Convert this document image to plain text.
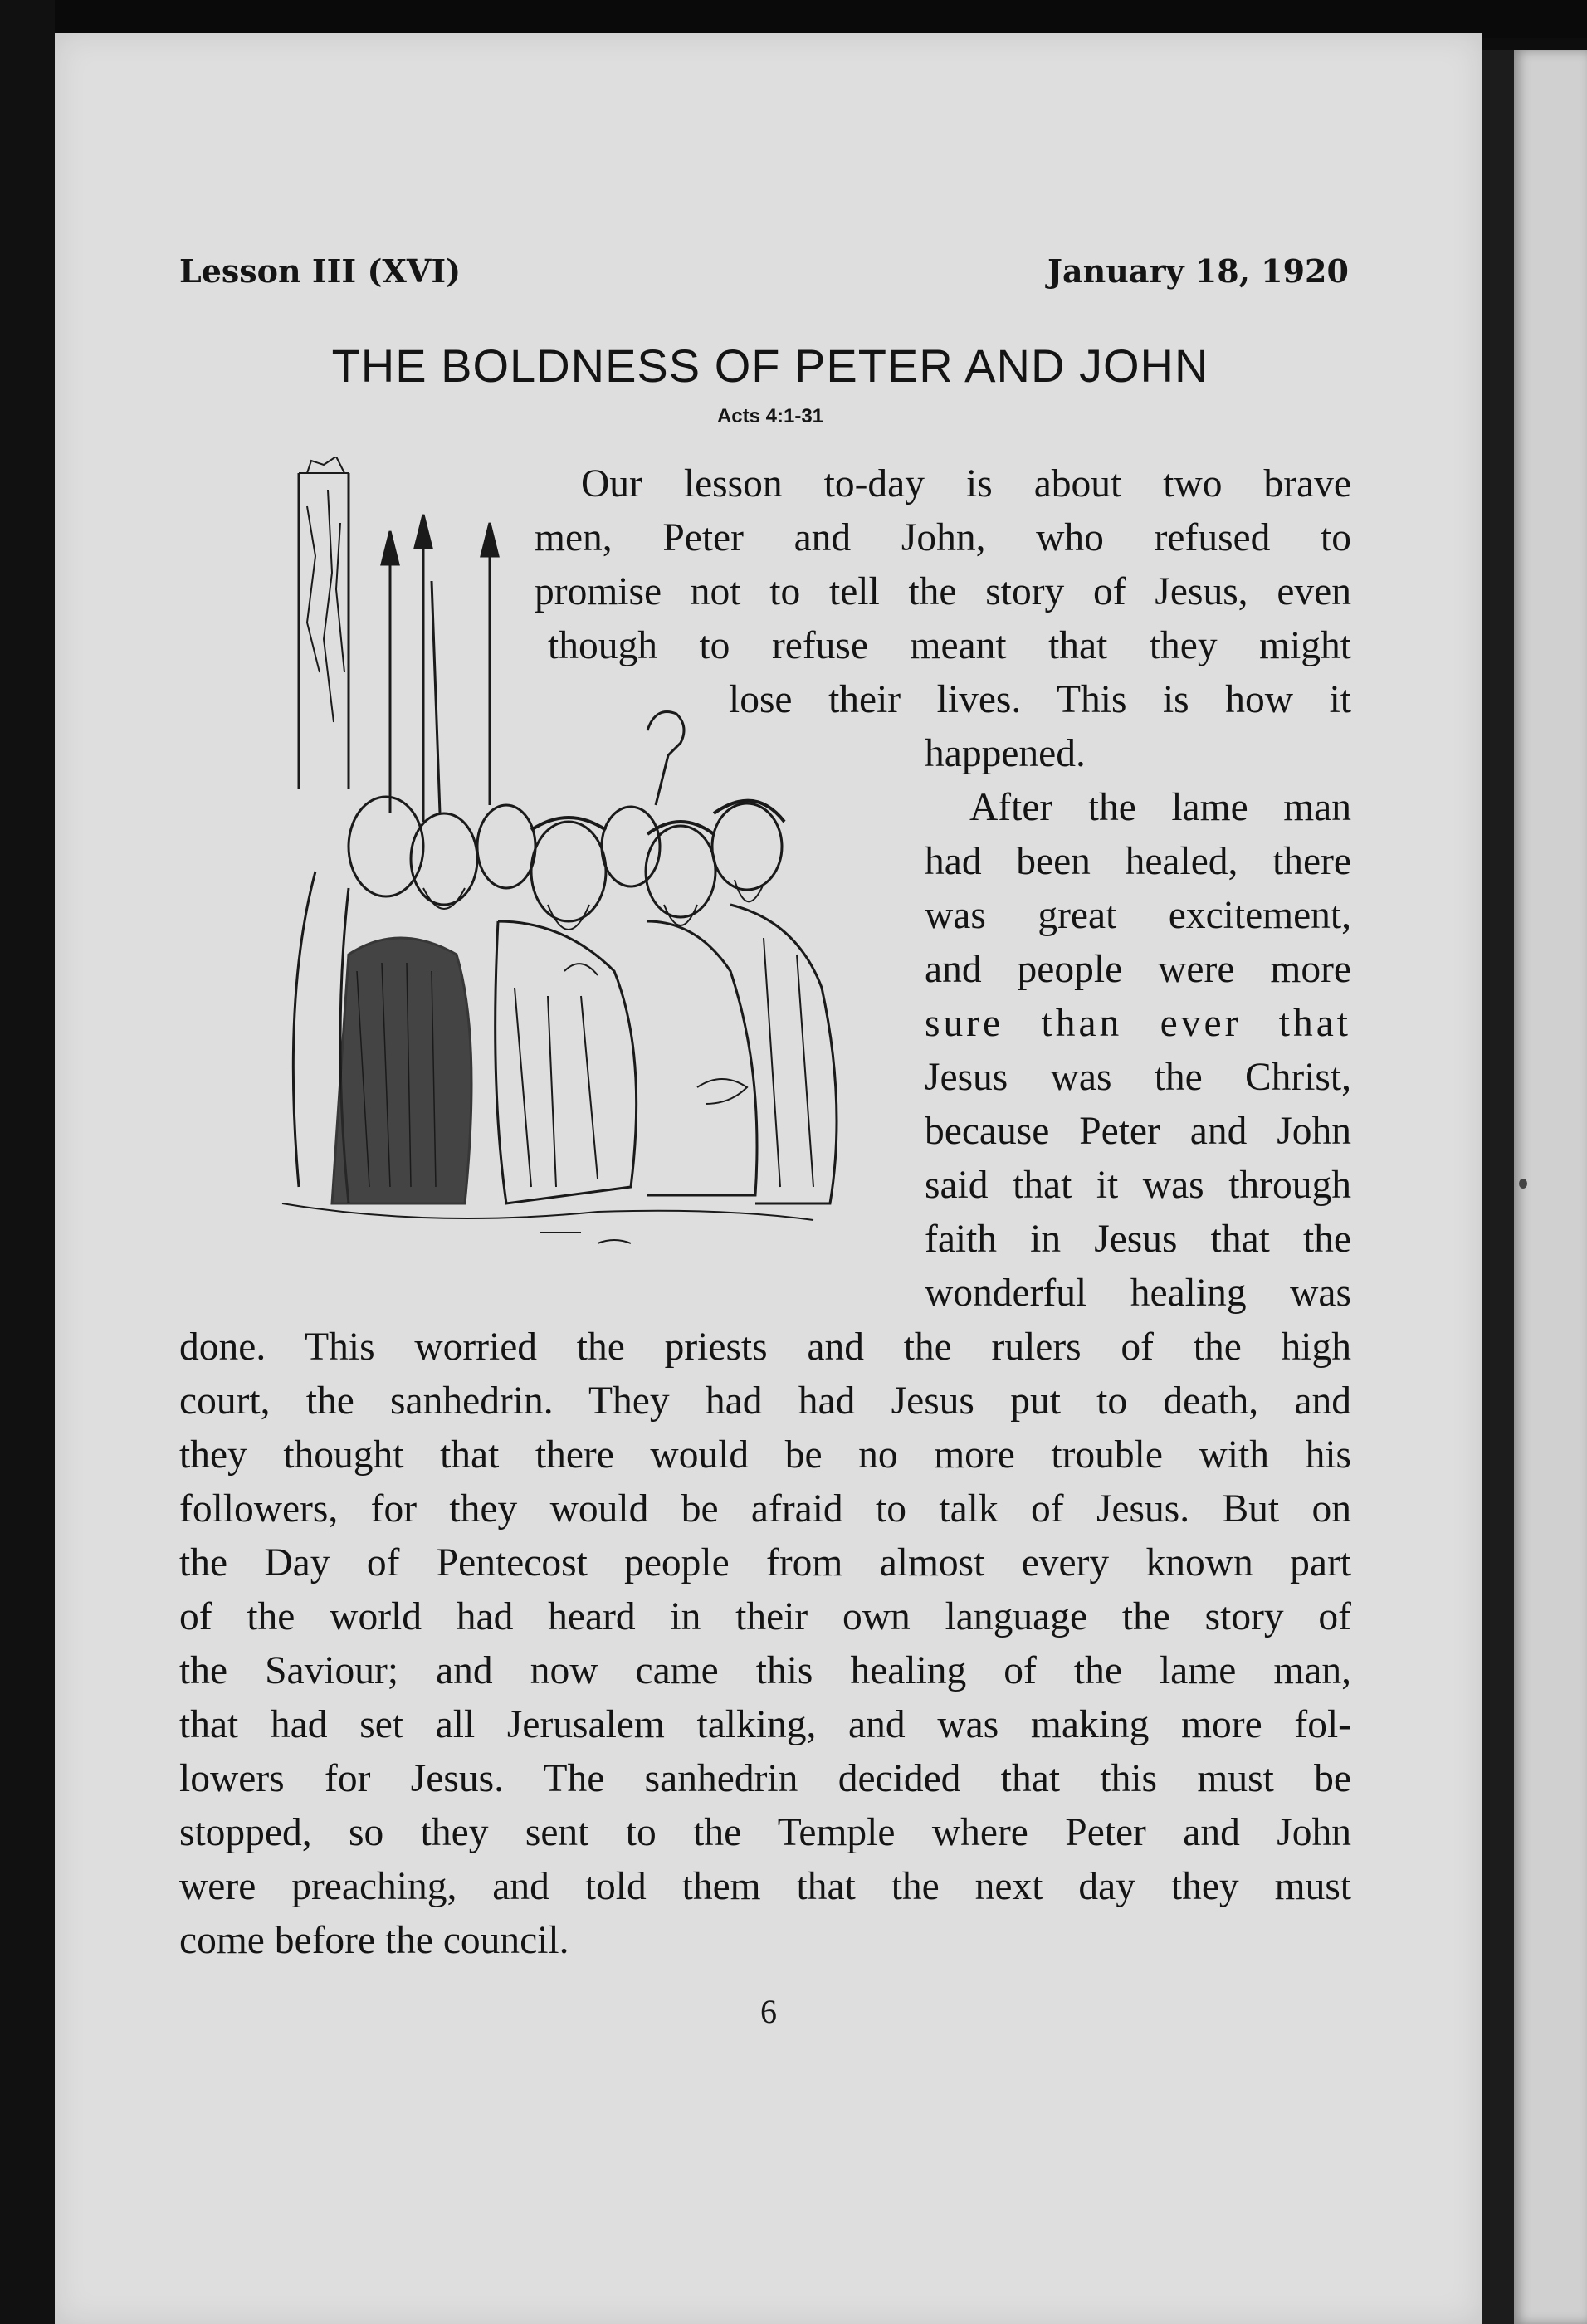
Lesson III (XVI)	January 18, 1920
THE BOLDNESS OF PETER AND JOHN
Acts 4:1-31
Our lesson to-day is about two brave
men, Peter and John, who refused to
promise not to tell the story of Jesus, even
though to refuse meant that they might
lose their lives. This is how it
happened.
After the lame man
had been healed, there
was great excitement,
and people were more
sure than ever that
Jesus was the Christ,
because Peter and John
said that it was through
faith in Jesus that the
wonderful healing was
done. This worried the priests and the rulers of the high
court, the sanhedrin. They had had Jesus put to death, and
they thought that there would be no more trouble with his
followers, for they would be afraid to talk of Jesus. But on
the Day of Pentecost people from almost every known part
of the world had heard in their own language the story of
the Saviour; and now came this healing of the lame man,
that had set all Jerusalem talking, and was making more fol-
lowers for Jesus. The sanhedrin decided that this must be
stopped, so they sent to the Temple where Peter and John
were preaching, and told them that the next day they must
come before the council.
6
